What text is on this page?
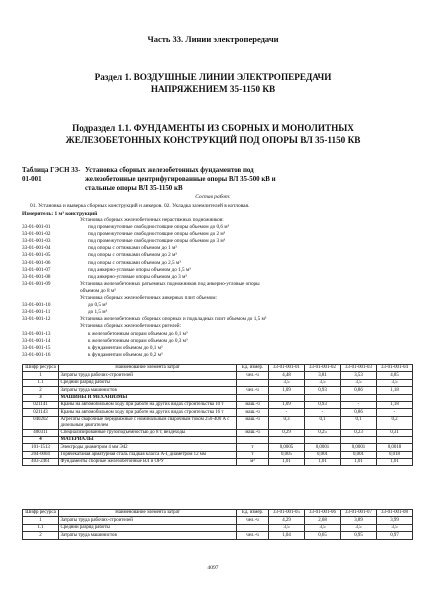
Часть 33. Линии электропередачи
Раздел 1. ВОЗДУШНЫЕ ЛИНИИ ЭЛЕКТРОПЕРЕДАЧИ
НАПРЯЖЕНИЕМ 35-1150 КВ
Подраздел 1.1. ФУНДАМЕНТЫ ИЗ СБОРНЫХ И МОНОЛИТНЫХ
ЖЕЛЕЗОБЕТОННЫХ КОНСТРУКЦИЙ ПОД ОПОРЫ ВЛ 35-1150 КВ
Таблица ГЭСН 33-01-001
Установка сборных железобетонных фундаментов под
железобетонные центрифугированные опоры ВЛ 35-500 кВ и
стальные опоры ВЛ 35-1150 кВ
Состав работ:
01. Установка и выверка сборных конструкций и анкеров. 02. Укладка заземлителей в котловая.
Измеритель: 1 м³ конструкций
Установка сборных железобетонных нерастяжных подножников:
33-01-001-01	под промежуточные свободностоящие опоры объемом до 0,6 м³
33-01-001-02	под промежуточные свободностоящие опоры объемом до 2 м³
33-01-001-03	под промежуточные свободностоящие опоры объемом до 3 м³
33-01-001-04	под опоры с оттяжками объемом до 1 м³
33-01-001-05	под опоры с оттяжками объемом до 2 м³
33-01-001-06	под опоры с оттяжками объемом до 2,5 м³
33-01-001-07	под анкерно-угловые опоры объемом до 1,5 м³
33-01-001-08	под анкерно-угловые опоры объемом до 3 м³
33-01-001-09	Установка железобетонных ратьемных подножников под анкерно-угловые опоры
объемом до 8 м³
Установка сборных железобетонных анкерных плит объемом:
33-01-001-10	до 0,5 м³
33-01-001-11	до 1,5 м³
33-01-001-12	Установка железобетонных сборных опорных и подкладных плит объемом до 1,5 м³
Установка сборных железобетонных ригелей:
33-01-001-13	к железобетонным опорам объемом до 0,1 м³
33-01-001-14	к железобетонным опорам объемом до 0,3 м³
33-01-001-15	к фундаментам объемом до 0,1 м³
33-01-001-16	к фундаментам объемом до 0,2 м³
Шифр ресурса	Наименование элемента затрат	Ед. измер.	33-01-001-01	33-01-001-02	33-01-001-03	33-01-001-04
1	Затраты труда рабочих-строителей	чел.-ч	4,48	3,81	3,53	4,85
1.1	Средний разряд работы		3,5	3,5	3,5	3,5
2	Затраты труда машинистов	чел.-ч	1,09	0,93	0,86	1,18
3	МАШИНЫ И МЕХАНИЗМЫ					
021141	Краны на автомобильном ходу при работе на других видах строительства 10 т	маш.-ч	1,09	0,93	-	1,18
021143	Краны на автомобильном ходу при работе на других видах строительства 16 т	маш.-ч	-	-	0,86	-
040202	Агрегаты сварочные передвижные с номинальным сварочным током 250-400 А с дизельным двигателем	маш.-ч	0,3	0,1	0,1	0,2
400311	Специализированные грузоподъемностью до 8 т, вездеходы	маш.-ч	0,29	0,25	0,23	0,31
4	МАТЕРИАЛЫ					
101-1513	Электроды диаметром 4 мм Э42	т	0,0005	0,0001	0,0001	0,0018
204-0004	Горячекатаная арматурная сталь гладкая класса А-I, диаметром 12 мм	т	0,005	0,001	0,001	0,018
403-2461	Фундаменты сборные железобетонные ВЛ и ОРУ	м³	1,01	1,01	1,01	1,01
Шифр ресурса	Наименование элемента затрат	Ед. измер.	33-01-001-05	33-01-001-06	33-01-001-07	33-01-001-08
1	Затраты труда рабочих-строителей	чел.-ч	4,29	2,68	3,89	3,99
1.1	Средний разряд работы		3,5	3,5	3,5	3,5
2	Затраты труда машинистов	чел.-ч	1,04	0,65	0,95	0,97
4097
